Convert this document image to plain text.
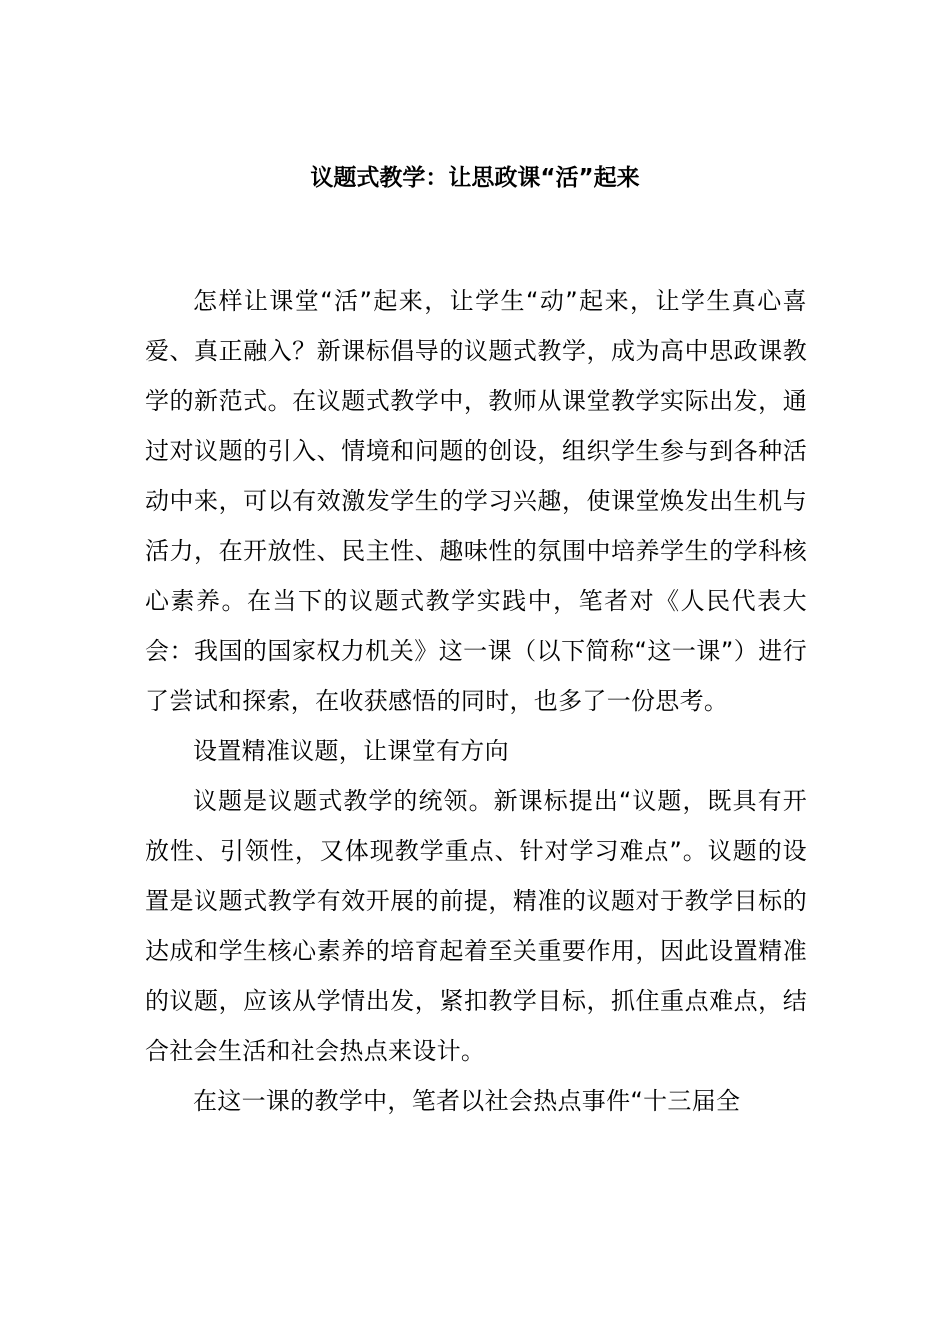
议题式教学：让思政课“活”起来

怎样让课堂“活”起来，让学生“动”起来，让学生真心喜爱、真正融入？新课标倡导的议题式教学，成为高中思政课教学的新范式。在议题式教学中，教师从课堂教学实际出发，通过对议题的引入、情境和问题的创设，组织学生参与到各种活动中来，可以有效激发学生的学习兴趣，使课堂焕发出生机与活力，在开放性、民主性、趣味性的氛围中培养学生的学科核心素养。在当下的议题式教学实践中，笔者对《人民代表大会：我国的国家权力机关》这一课（以下简称“这一课”）进行了尝试和探索，在收获感悟的同时，也多了一份思考。

设置精准议题，让课堂有方向

议题是议题式教学的统领。新课标提出“议题，既具有开放性、引领性，又体现教学重点、针对学习难点”。议题的设置是议题式教学有效开展的前提，精准的议题对于教学目标的达成和学生核心素养的培育起着至关重要作用，因此设置精准的议题，应该从学情出发，紧扣教学目标，抓住重点难点，结合社会生活和社会热点来设计。

在这一课的教学中，笔者以社会热点事件“十三届全
